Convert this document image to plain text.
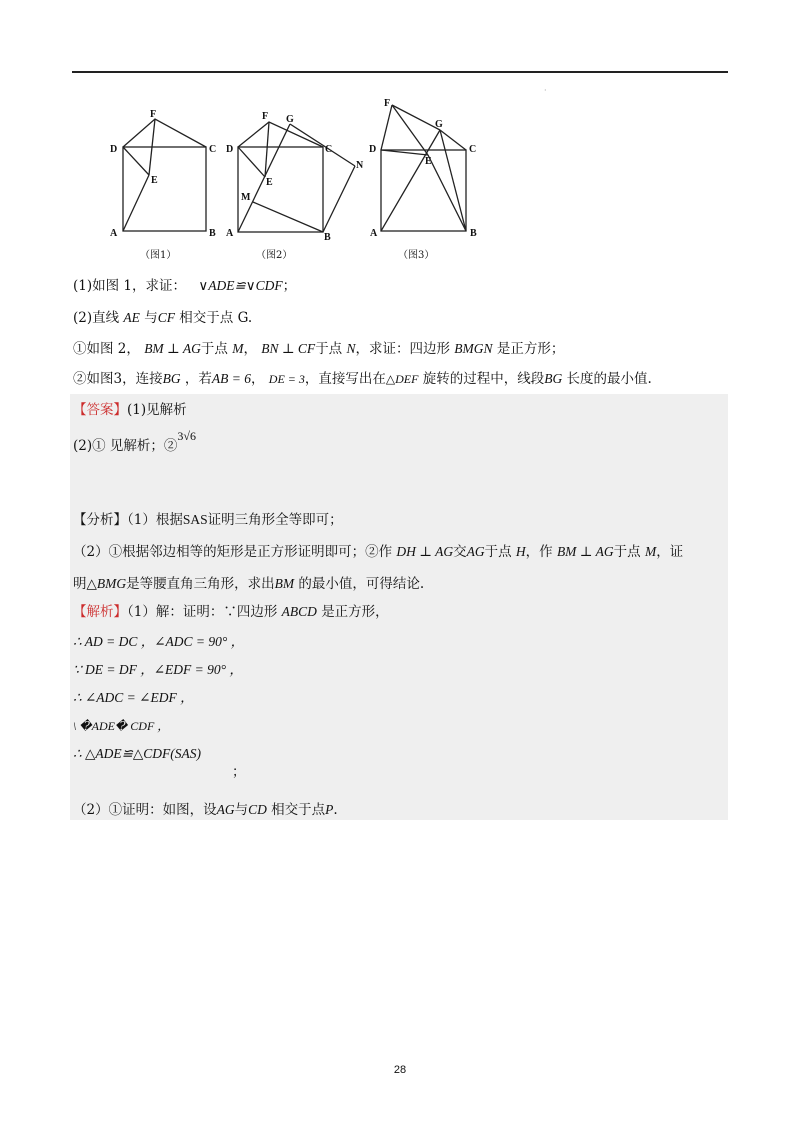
·
F
D	C
E
A	B
F G
D	C
E
N
M
A	B
F
G
D	C
E
A	B
（图1）	（图2）	（图3）
(1)如图 1，求证： ∨ADE≌∨CDF；
(2)直线 AE 与CF 相交于点 G.
①如图 2， BM ⊥ AG于点 M， BN ⊥ CF于点 N，求证：四边形 BMGN 是正方形；
②如图3，连接BG ，若AB = 6， DE = 3，直接写出在△DEF 旋转的过程中，线段BG 长度的最小值.
【答案】(1)见解析
(2)① 见解析；②3√6
【分析】（1）根据SAS证明三角形全等即可；
（2）①根据邻边相等的矩形是正方形证明即可；②作 DH ⊥ AG交AG于点 H，作 BM ⊥ AG于点 M，证
明△BMG是等腰直角三角形，求出BM 的最小值，可得结论.
【解析】（1）解：证明：∵四边形 ABCD 是正方形，
∴ AD = DC ，∠ADC = 90° ，
∵ DE = DF ，∠EDF = 90° ，
∴ ∠ADC = ∠EDF ，
\ �ADE� CDF ，
∴ △ADE≌△CDF(SAS)
；
（2）①证明：如图，设AG与CD 相交于点P.
28
